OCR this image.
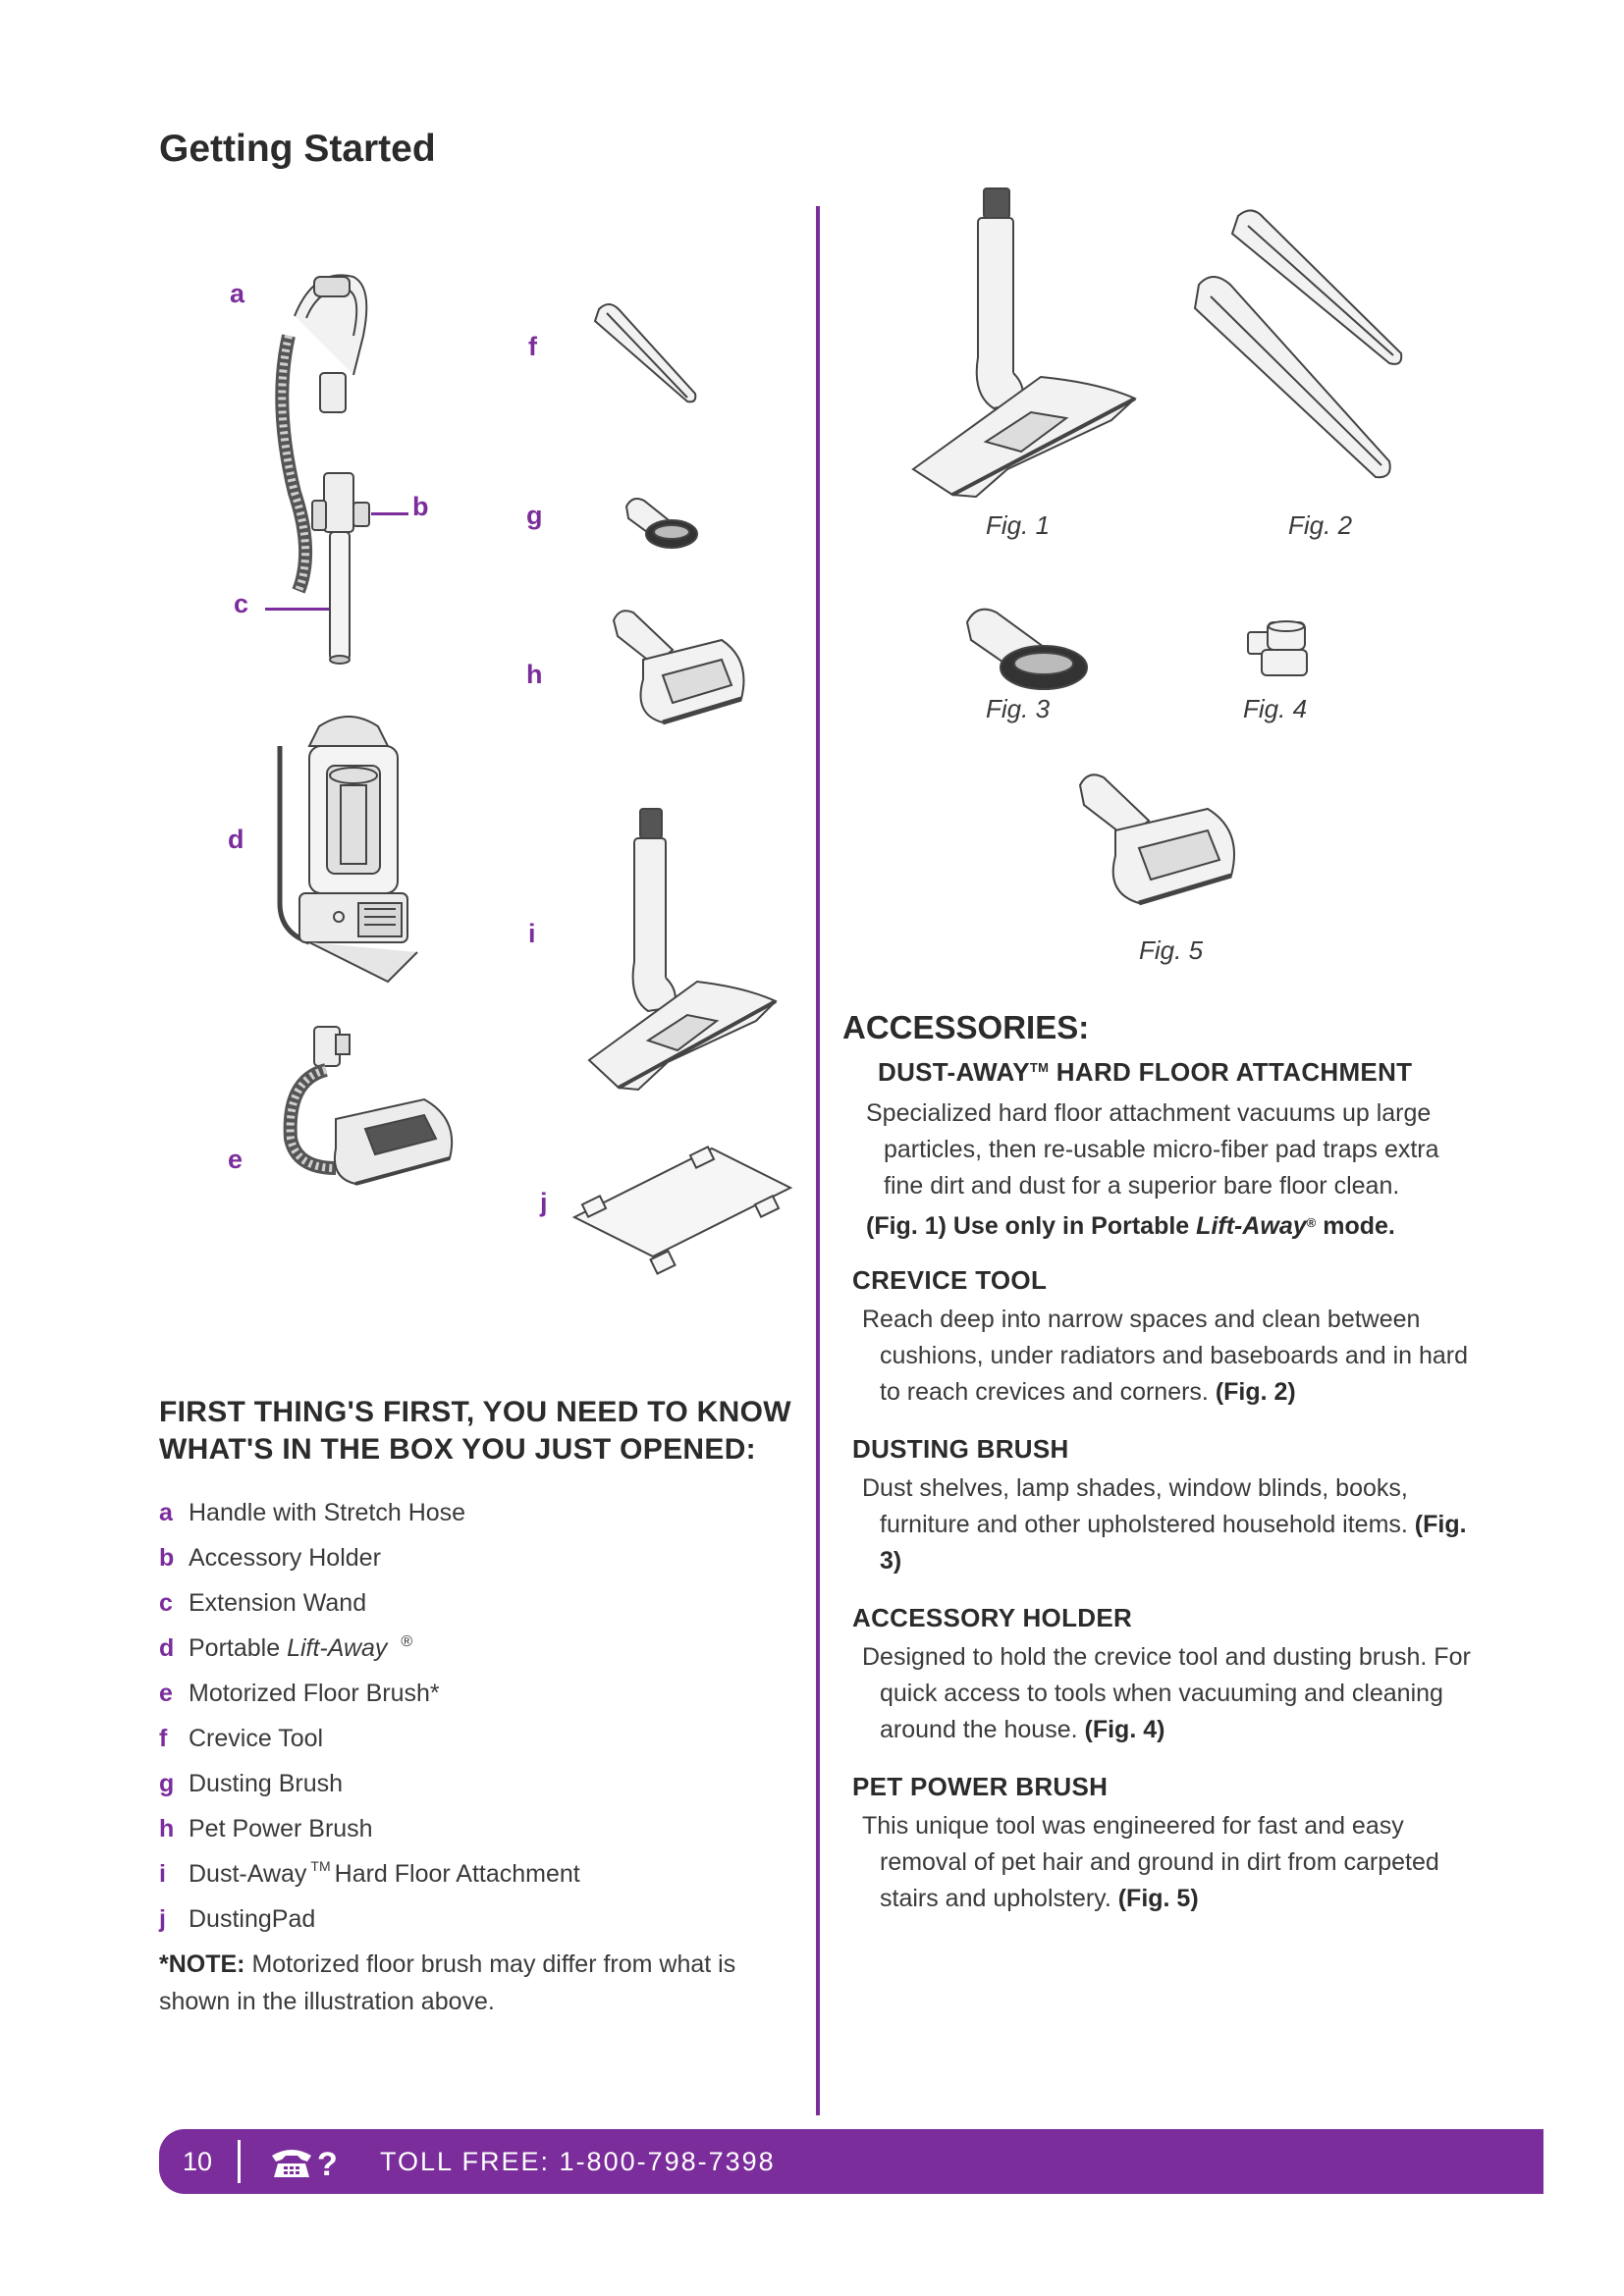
Getting Started
a
b
c
d
e
f
g
h
i
j
FIRST THING'S FIRST, YOU NEED TO KNOW
WHAT'S IN THE BOX YOU JUST OPENED:
a Handle with Stretch Hose
b Accessory Holder
c Extension Wand
d Portable Lift-Away ®
e Motorized Floor Brush*
f Crevice Tool
g Dusting Brush
h Pet Power Brush
i Dust-Away ™ Hard Floor Attachment
j DustingPad
*NOTE: Motorized floor brush may differ from what is shown in the illustration above.
Fig. 1	Fig. 2
Fig. 3	Fig. 4
Fig. 5
ACCESSORIES:
DUST-AWAY™ HARD FLOOR ATTACHMENT
Specialized hard floor attachment vacuums up large particles, then re-usable micro-fiber pad traps extra fine dirt and dust for a superior bare floor clean.
(Fig. 1) Use only in Portable Lift-Away® mode.
CREVICE TOOL
Reach deep into narrow spaces and clean between cushions, under radiators and baseboards and in hard to reach crevices and corners. (Fig. 2)
DUSTING BRUSH
Dust shelves, lamp shades, window blinds, books, furniture and other upholstered household items. (Fig. 3)
ACCESSORY HOLDER
Designed to hold the crevice tool and dusting brush. For quick access to tools when vacuuming and cleaning around the house. (Fig. 4)
PET POWER BRUSH
This unique tool was engineered for fast and easy removal of pet hair and ground in dirt from carpeted stairs and upholstery. (Fig. 5)
10	? TOLL FREE: 1-800-798-7398
